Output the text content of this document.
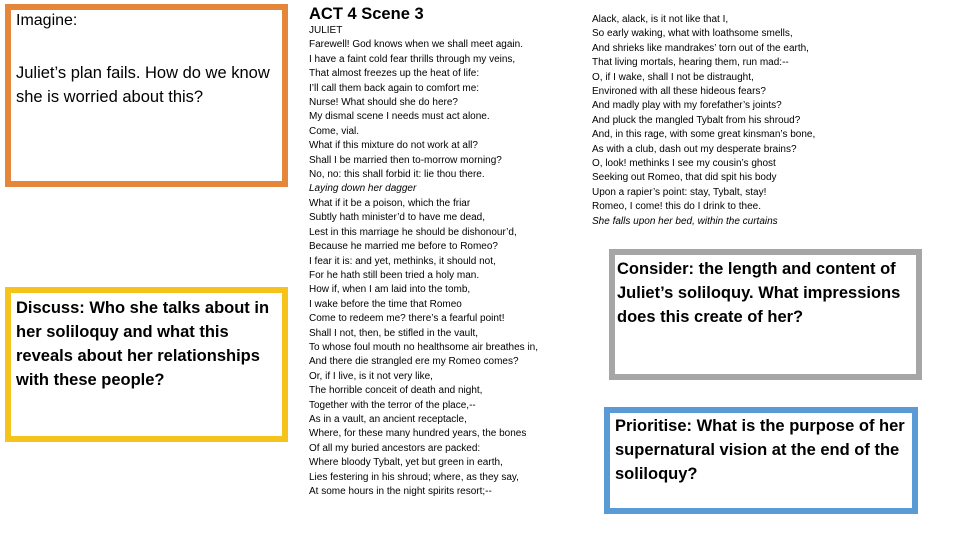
Imagine:
Juliet’s plan fails. How do we know she is worried about this?
Discuss: Who she talks about in her soliloquy and what this reveals about her relationships with these people?
Consider: the length and content of Juliet’s soliloquy. What impressions does this create of her?
Prioritise: What is the purpose of her supernatural vision at the end of the soliloquy?
ACT 4 Scene 3
JULIET
Farewell! God knows when we shall meet again.
I have a faint cold fear thrills through my veins,
That almost freezes up the heat of life:
I’ll call them back again to comfort me:
Nurse! What should she do here?
My dismal scene I needs must act alone.
Come, vial.
What if this mixture do not work at all?
Shall I be married then to-morrow morning?
No, no: this shall forbid it: lie thou there.
Laying down her dagger
What if it be a poison, which the friar
Subtly hath minister’d to have me dead,
Lest in this marriage he should be dishonour’d,
Because he married me before to Romeo?
I fear it is: and yet, methinks, it should not,
For he hath still been tried a holy man.
How if, when I am laid into the tomb,
I wake before the time that Romeo
Come to redeem me? there’s a fearful point!
Shall I not, then, be stifled in the vault,
To whose foul mouth no healthsome air breathes in,
And there die strangled ere my Romeo comes?
Or, if I live, is it not very like,
The horrible conceit of death and night,
Together with the terror of the place,--
As in a vault, an ancient receptacle,
Where, for these many hundred years, the bones
Of all my buried ancestors are packed:
Where bloody Tybalt, yet but green in earth,
Lies festering in his shroud; where, as they say,
At some hours in the night spirits resort;--
Alack, alack, is it not like that I,
So early waking, what with loathsome smells,
And shrieks like mandrakes’ torn out of the earth,
That living mortals, hearing them, run mad:--
O, if I wake, shall I not be distraught,
Environed with all these hideous fears?
And madly play with my forefather’s joints?
And pluck the mangled Tybalt from his shroud?
And, in this rage, with some great kinsman’s bone,
As with a club, dash out my desperate brains?
O, look! methinks I see my cousin’s ghost
Seeking out Romeo, that did spit his body
Upon a rapier’s point: stay, Tybalt, stay!
Romeo, I come! this do I drink to thee.
She falls upon her bed, within the curtains
